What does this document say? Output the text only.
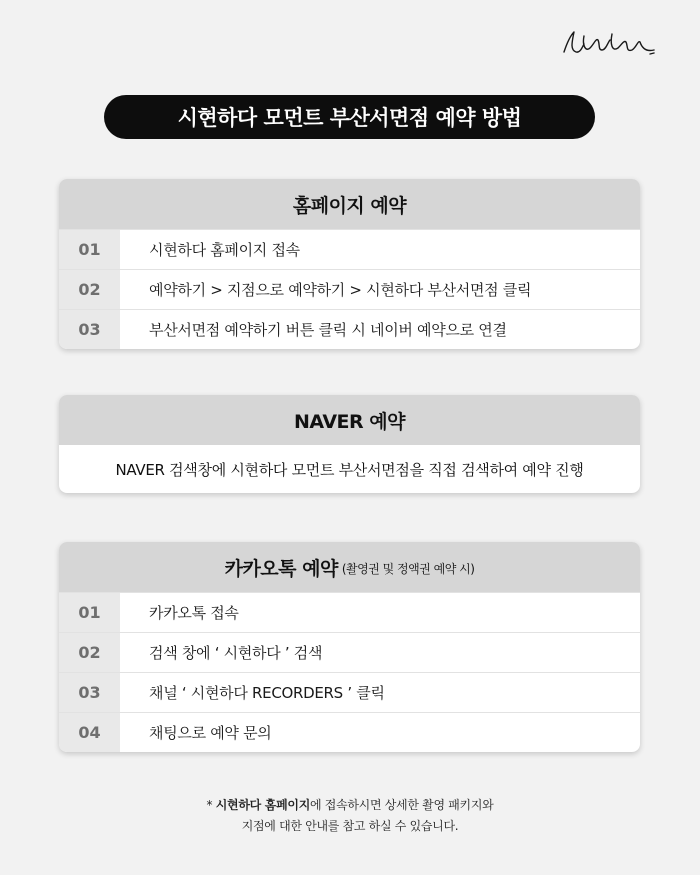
시현하다 모먼트 부산서면점 예약 방법
홈페이지 예약
01	시현하다 홈페이지 접속
02	예약하기 > 지점으로 예약하기 > 시현하다 부산서면점 클릭
03	부산서면점 예약하기 버튼 클릭 시 네이버 예약으로 연결
NAVER 예약
NAVER 검색창에 시현하다 모먼트 부산서면점을 직접 검색하여 예약 진행
카카오톡 예약 (촬영권 및 정액권 예약 시)
01	카카오톡 접속
02	검색 창에 ‘ 시현하다 ’ 검색
03	채널 ‘ 시현하다 RECORDERS ’ 클릭
04	채팅으로 예약 문의
* 시현하다 홈페이지에 접속하시면 상세한 촬영 패키지와
지점에 대한 안내를 참고 하실 수 있습니다.
